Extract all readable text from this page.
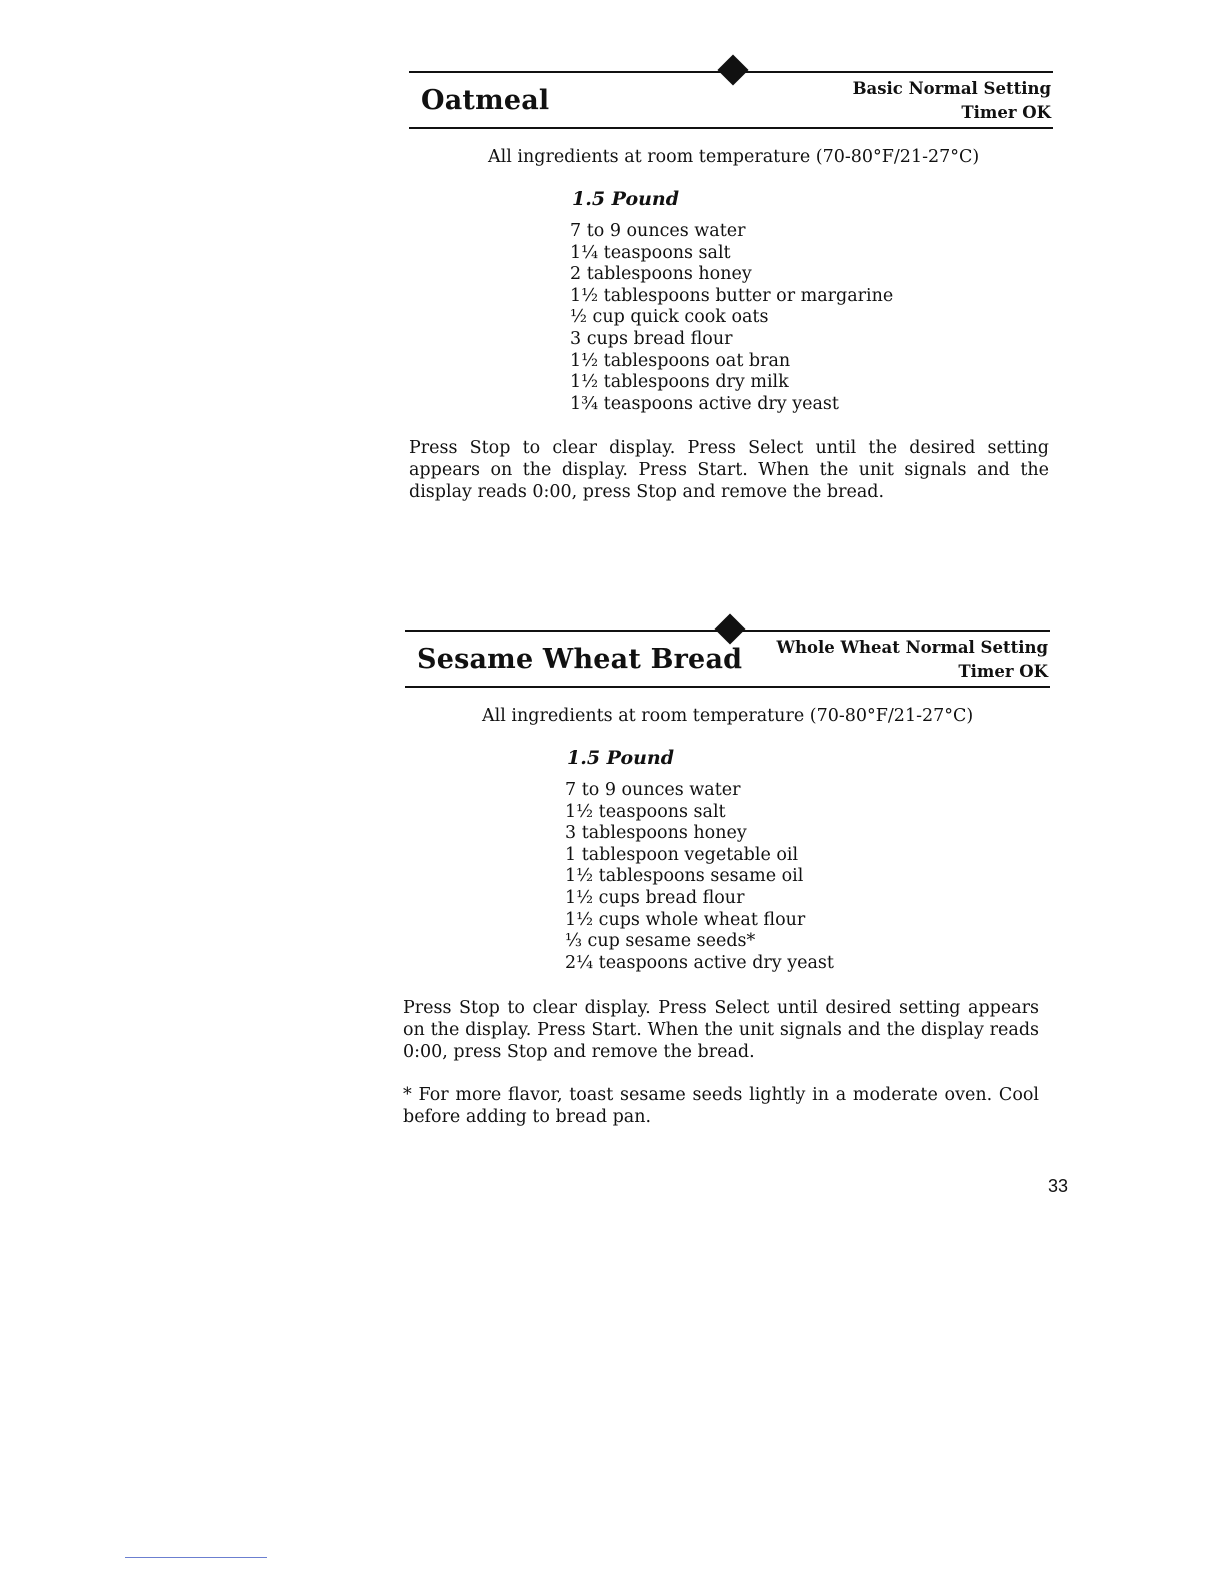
Oatmeal	Basic Normal Setting
Timer OK
All ingredients at room temperature (70-80°F/21-27°C)
1.5 Pound
7 to 9 ounces water
1¼ teaspoons salt
2 tablespoons honey
1½ tablespoons butter or margarine
½ cup quick cook oats
3 cups bread flour
1½ tablespoons oat bran
1½ tablespoons dry milk
1¾ teaspoons active dry yeast

Press Stop to clear display. Press Select until the desired setting appears on the display. Press Start. When the unit signals and the display reads 0:00, press Stop and remove the bread.

Sesame Wheat Bread Whole Wheat Normal Setting
Timer OK
All ingredients at room temperature (70-80°F/21-27°C)
1.5 Pound
7 to 9 ounces water
1½ teaspoons salt
3 tablespoons honey
1 tablespoon vegetable oil
1½ tablespoons sesame oil
1½ cups bread flour
1½ cups whole wheat flour
⅓ cup sesame seeds*
2¼ teaspoons active dry yeast

Press Stop to clear display. Press Select until desired setting appears on the display. Press Start. When the unit signals and the display reads 0:00, press Stop and remove the bread.

* For more flavor, toast sesame seeds lightly in a moderate oven. Cool before adding to bread pan.

33
